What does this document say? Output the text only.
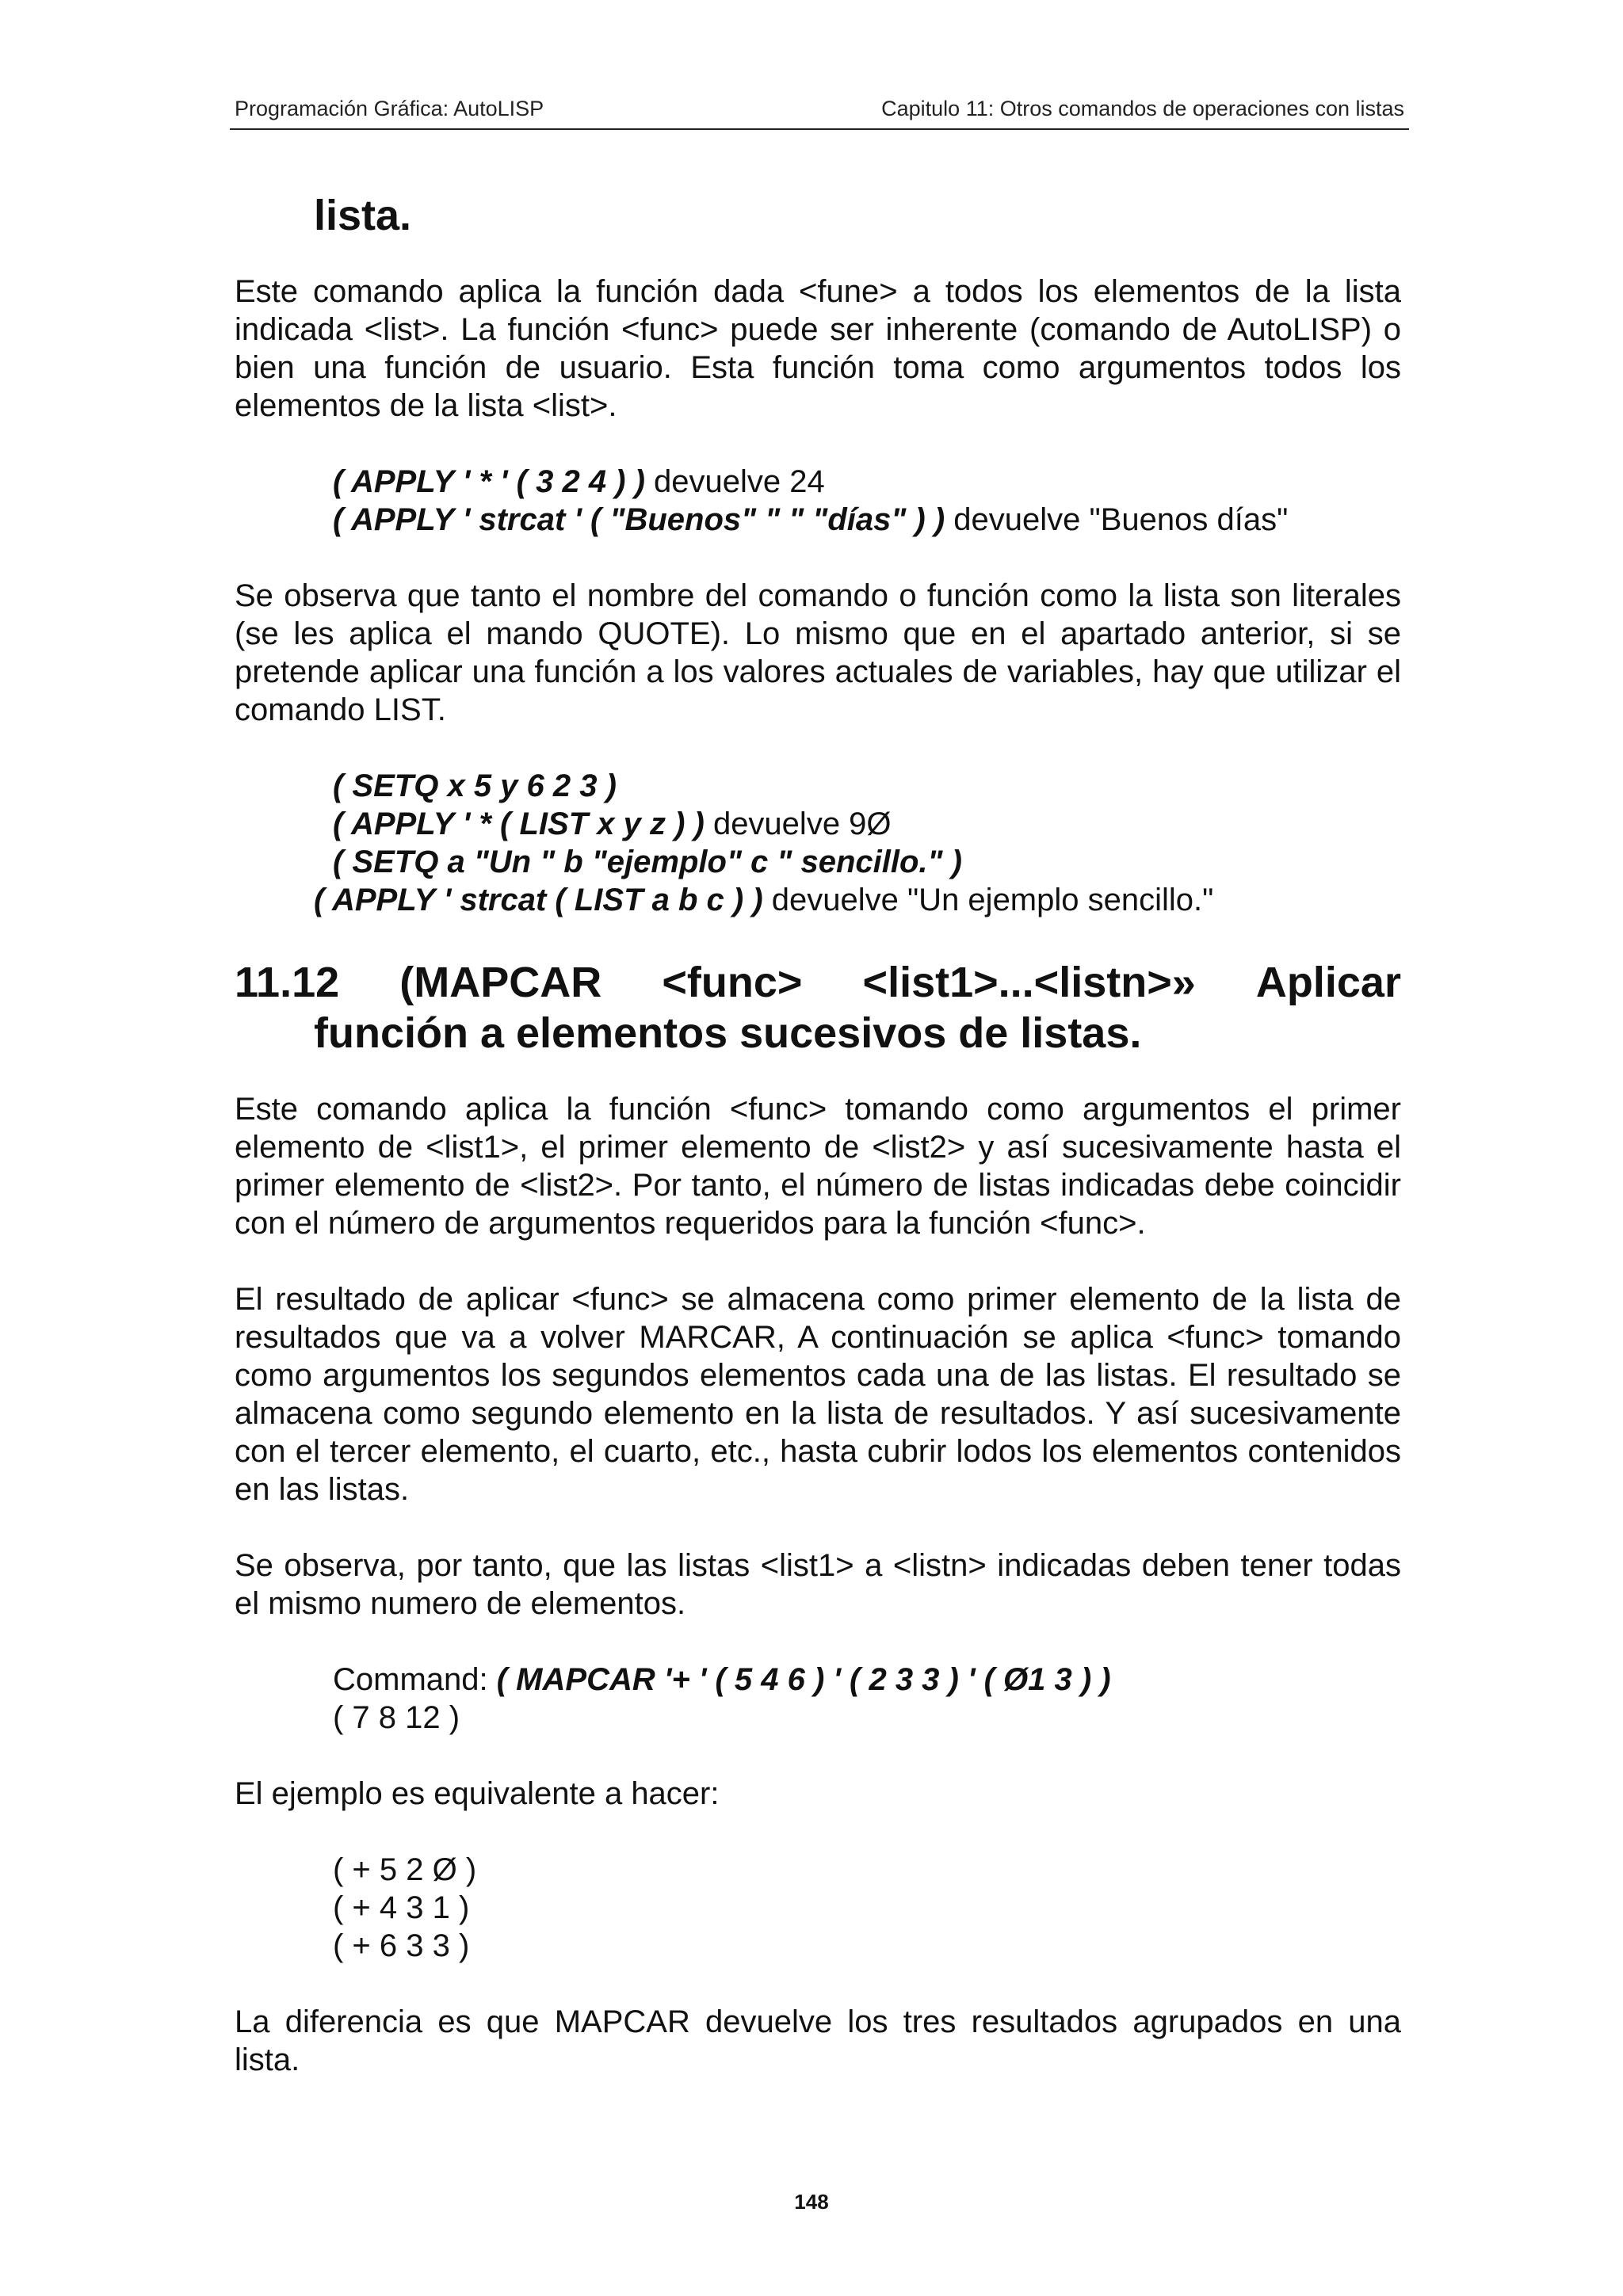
Programación Gráfica: AutoLISP	Capitulo 11: Otros comandos de operaciones con listas
lista.

Este comando aplica la función dada <fune> a todos los elementos de la lista indicada <list>. La función <func> puede ser inherente (comando de AutoLISP) o bien una función de usuario. Esta función toma como argumentos todos los elementos de la lista <list>.

( APPLY ' * ' ( 3 2 4 ) ) devuelve 24
( APPLY ' strcat ' ( "Buenos" " " "días" ) ) devuelve "Buenos días"

Se observa que tanto el nombre del comando o función como la lista son literales (se les aplica el mando QUOTE). Lo mismo que en el apartado anterior, si se pretende aplicar una función a los valores actuales de variables, hay que utilizar el comando LIST.

( SETQ x 5 y 6 2 3 )
( APPLY ' * ( LIST x y z ) ) devuelve 9Ø
( SETQ a "Un " b "ejemplo" c " sencillo." )
( APPLY ' strcat ( LIST a b c ) ) devuelve "Un ejemplo sencillo."
11.12 (MAPCAR <func> <list1>...<listn>» Aplicar
función a elementos sucesivos de listas.

Este comando aplica la función <func> tomando como argumentos el primer elemento de <list1>, el primer elemento de <list2> y así sucesivamente hasta el primer elemento de <list2>. Por tanto, el número de listas indicadas debe coincidir con el número de argumentos requeridos para la función <func>.

El resultado de aplicar <func> se almacena como primer elemento de la lista de resultados que va a volver MARCAR, A continuación se aplica <func> tomando como argumentos los segundos elementos cada una de las listas. El resultado se almacena como segundo elemento en la lista de resultados. Y así sucesivamente con el tercer elemento, el cuarto, etc., hasta cubrir lodos los elementos contenidos en las listas.

Se observa, por tanto, que las listas <list1> a <listn> indicadas deben tener todas el mismo numero de elementos.

Command: ( MAPCAR '+ ' ( 5 4 6 ) ' ( 2 3 3 ) ' ( Ø1 3 ) )
( 7 8 12 )

El ejemplo es equivalente a hacer:

( + 5 2 Ø )
( + 4 3 1 )
( + 6 3 3 )

La diferencia es que MAPCAR devuelve los tres resultados agrupados en una lista.

148
